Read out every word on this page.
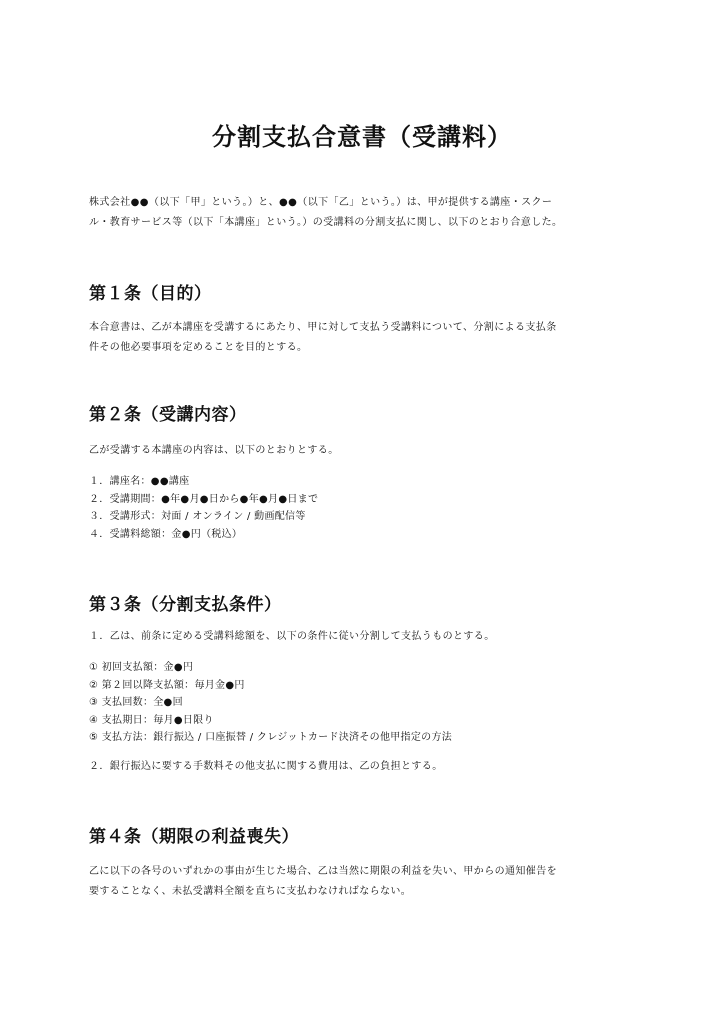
分割支払合意書（受講料）
株式会社●●（以下「甲」という。）と、●●（以下「乙」という。）は、甲が提供する講座・スクー
ル・教育サービス等（以下「本講座」という。）の受講料の分割支払に関し、以下のとおり合意した。
第１条（目的）
本合意書は、乙が本講座を受講するにあたり、甲に対して支払う受講料について、分割による支払条
件その他必要事項を定めることを目的とする。
第２条（受講内容）
乙が受講する本講座の内容は、以下のとおりとする。
１．講座名：●●講座
２．受講期間：●年●月●日から●年●月●日まで
３．受講形式：対面 / オンライン / 動画配信等
４．受講料総額：金●円（税込）
第３条（分割支払条件）
１．乙は、前条に定める受講料総額を、以下の条件に従い分割して支払うものとする。
① 初回支払額：金●円
② 第２回以降支払額：毎月金●円
③ 支払回数：全●回
④ 支払期日：毎月●日限り
⑤ 支払方法：銀行振込 / 口座振替 / クレジットカード決済その他甲指定の方法
２．銀行振込に要する手数料その他支払に関する費用は、乙の負担とする。
第４条（期限の利益喪失）
乙に以下の各号のいずれかの事由が生じた場合、乙は当然に期限の利益を失い、甲からの通知催告を
要することなく、未払受講料全額を直ちに支払わなければならない。
